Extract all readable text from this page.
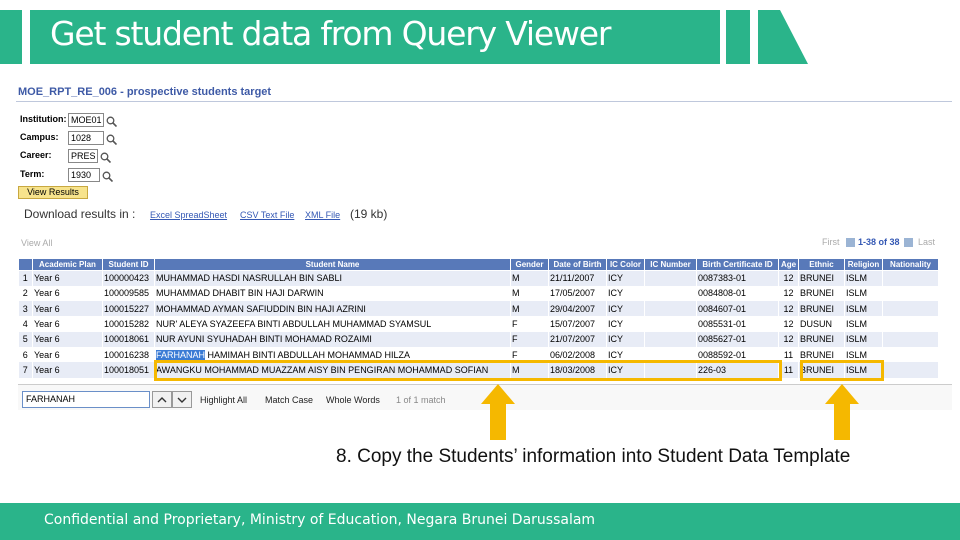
Get student data from Query Viewer
MOE_RPT_RE_006 - prospective students target
Institution: MOE01
Campus:	1028
Career:	PRES
Term:	1930
View Results
Download results in : Excel SpreadSheet CSV Text File XML File (19 kb)
View All	First 1-38 of 38 Last
	Academic Plan	Student ID	Student Name	Gender	Date of Birth	IC Color	IC Number	Birth Certificate ID	Age	Ethnic	Religion	Nationality
1	Year 6	100000423	MUHAMMAD HASDI NASRULLAH BIN SABLI	M	21/11/2007	ICY		0087383-01	12	BRUNEI	ISLM	
2	Year 6	100009585	MUHAMMAD DHABIT BIN HAJI DARWIN	M	17/05/2007	ICY		0084808-01	12	BRUNEI	ISLM	
3	Year 6	100015227	MOHAMMAD AYMAN SAFIUDDIN BIN HAJI AZRINI	M	29/04/2007	ICY		0084607-01	12	BRUNEI	ISLM	
4	Year 6	100015282	NUR' ALEYA SYAZEEFA BINTI ABDULLAH MUHAMMAD SYAMSUL	F	15/07/2007	ICY		0085531-01	12	DUSUN	ISLM	
5	Year 6	100018061	NUR AYUNI SYUHADAH BINTI MOHAMAD ROZAIMI	F	21/07/2007	ICY		0085627-01	12	BRUNEI	ISLM	
6	Year 6	100016238	FARHANAH HAMIMAH BINTI ABDULLAH MOHAMMAD HILZA	F	06/02/2008	ICY		0088592-01	11	BRUNEI	ISLM	
7	Year 6	100018051	AWANGKU MOHAMMAD MUAZZAM AISY BIN PENGIRAN MOHAMMAD SOFIAN	M	18/03/2008	ICY		226-03	11	BRUNEI	ISLM	
FARHANAH	Highlight All Match Case Whole Words 1 of 1 match
8. Copy the Students’ information into Student Data Template
Confidential and Proprietary, Ministry of Education, Negara Brunei Darussalam
